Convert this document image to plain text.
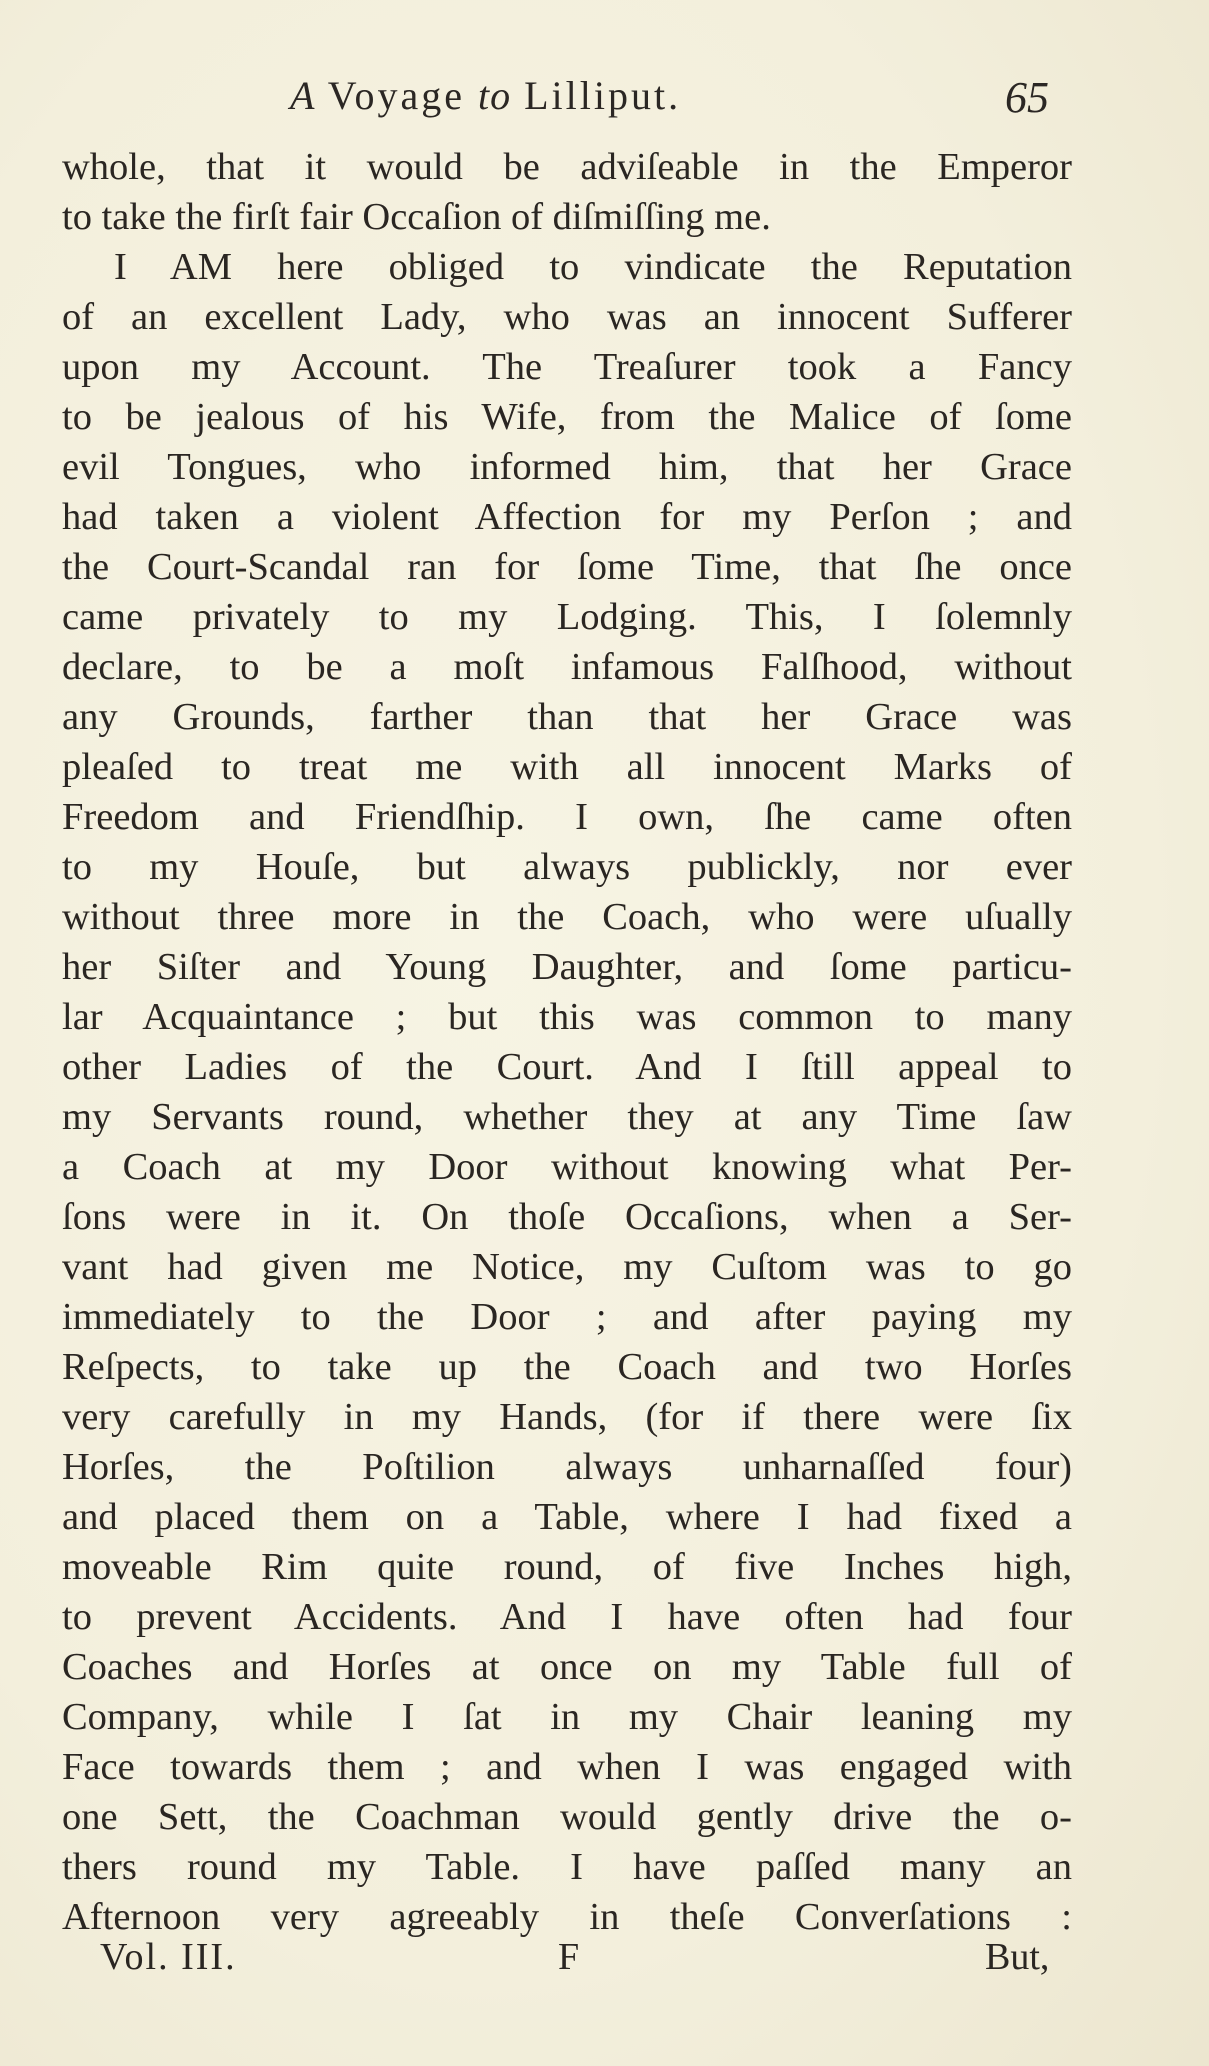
A Voyage to Lilliput.	65
whole, that it would be adviſeable in the Emperor
to take the firſt fair Occaſion of diſmiſſing me.
I AM here obliged to vindicate the Reputation
of an excellent Lady, who was an innocent Sufferer
upon my Account. The Treaſurer took a Fancy
to be jealous of his Wife, from the Malice of ſome
evil Tongues, who informed him, that her Grace
had taken a violent Affection for my Perſon ; and
the Court-Scandal ran for ſome Time, that ſhe once
came privately to my Lodging. This, I ſolemnly
declare, to be a moſt infamous Falſhood, without
any Grounds, farther than that her Grace was
pleaſed to treat me with all innocent Marks of
Freedom and Friendſhip. I own, ſhe came often
to my Houſe, but always publickly, nor ever
without three more in the Coach, who were uſually
her Siſter and Young Daughter, and ſome particu-
lar Acquaintance ; but this was common to many
other Ladies of the Court. And I ſtill appeal to
my Servants round, whether they at any Time ſaw
a Coach at my Door without knowing what Per-
ſons were in it. On thoſe Occaſions, when a Ser-
vant had given me Notice, my Cuſtom was to go
immediately to the Door ; and after paying my
Reſpects, to take up the Coach and two Horſes
very carefully in my Hands, (for if there were ſix
Horſes, the Poſtilion always unharnaſſed four)
and placed them on a Table, where I had fixed a
moveable Rim quite round, of five Inches high,
to prevent Accidents. And I have often had four
Coaches and Horſes at once on my Table full of
Company, while I ſat in my Chair leaning my
Face towards them ; and when I was engaged with
one Sett, the Coachman would gently drive the o-
thers round my Table. I have paſſed many an
Afternoon very agreeably in theſe Converſations :
Vol. III.	F	But,
